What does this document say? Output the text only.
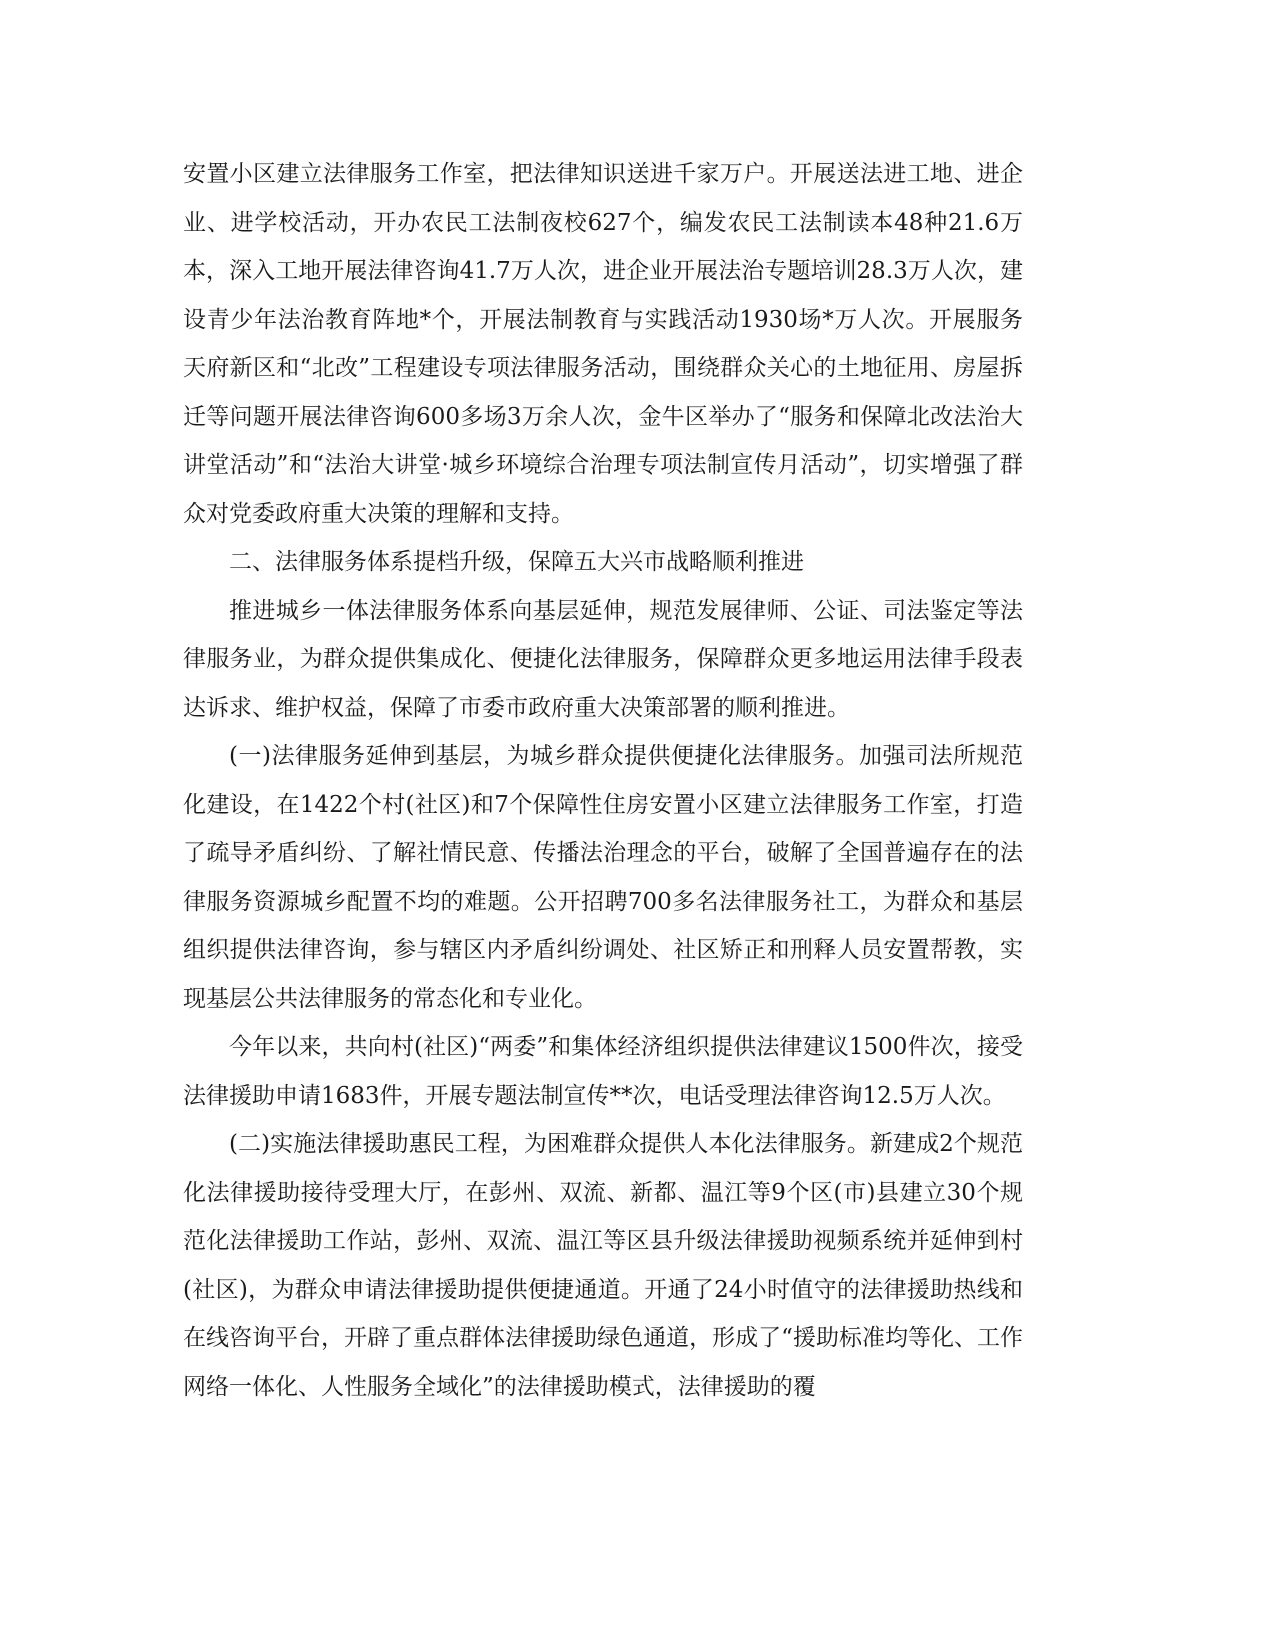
安置小区建立法律服务工作室，把法律知识送进千家万户。开展送法进工地、进企业、进学校活动，开办农民工法制夜校627个，编发农民工法制读本48种21.6万本，深入工地开展法律咨询41.7万人次，进企业开展法治专题培训28.3万人次，建设青少年法治教育阵地*个，开展法制教育与实践活动1930场*万人次。开展服务天府新区和“北改”工程建设专项法律服务活动，围绕群众关心的土地征用、房屋拆迁等问题开展法律咨询600多场3万余人次，金牛区举办了“服务和保障北改法治大讲堂活动”和“法治大讲堂·城乡环境综合治理专项法制宣传月活动”，切实增强了群众对党委政府重大决策的理解和支持。

二、法律服务体系提档升级，保障五大兴市战略顺利推进

推进城乡一体法律服务体系向基层延伸，规范发展律师、公证、司法鉴定等法律服务业，为群众提供集成化、便捷化法律服务，保障群众更多地运用法律手段表达诉求、维护权益，保障了市委市政府重大决策部署的顺利推进。

(一)法律服务延伸到基层，为城乡群众提供便捷化法律服务。加强司法所规范化建设，在1422个村(社区)和7个保障性住房安置小区建立法律服务工作室，打造了疏导矛盾纠纷、了解社情民意、传播法治理念的平台，破解了全国普遍存在的法律服务资源城乡配置不均的难题。公开招聘700多名法律服务社工，为群众和基层组织提供法律咨询，参与辖区内矛盾纠纷调处、社区矫正和刑释人员安置帮教，实现基层公共法律服务的常态化和专业化。

今年以来，共向村(社区)“两委”和集体经济组织提供法律建议1500件次，接受法律援助申请1683件，开展专题法制宣传**次，电话受理法律咨询12.5万人次。

(二)实施法律援助惠民工程，为困难群众提供人本化法律服务。新建成2个规范化法律援助接待受理大厅，在彭州、双流、新都、温江等9个区(市)县建立30个规范化法律援助工作站，彭州、双流、温江等区县升级法律援助视频系统并延伸到村(社区)，为群众申请法律援助提供便捷通道。开通了24小时值守的法律援助热线和在线咨询平台，开辟了重点群体法律援助绿色通道，形成了“援助标准均等化、工作网络一体化、人性服务全域化”的法律援助模式，法律援助的覆
